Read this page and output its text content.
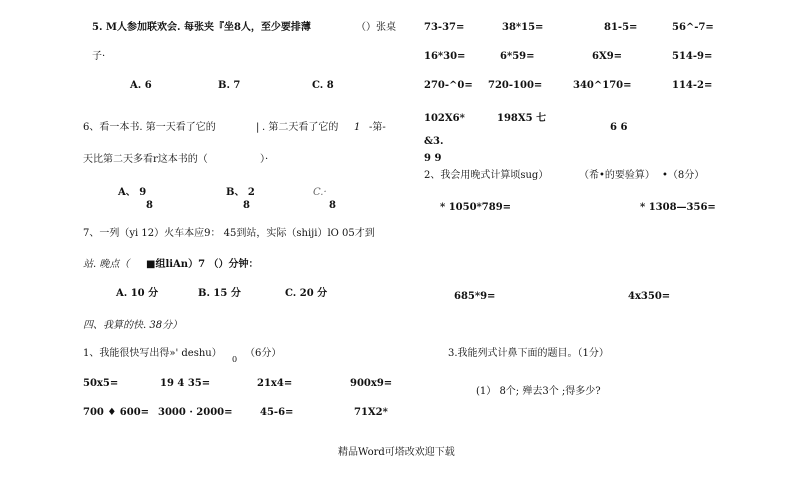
5. M人参加联欢会. 每张夹『坐8人，至少要排薄	（）张桌
子·
A. 6	B. 7	C. 8
6、看一本书. 第一天看了它的	| . 第二天看了它的 1 -第-
天比第二天多看r这本书的（	）·
A、 9
8
B、 2
8
C.·
8
7、一列（yi 12）火车本应9： 45到站，实际（shiji）lO 05才到
站. 晚点（ ■组liAn）7 （）分钟：
A. 10 分	B. 15 分	C. 20 分
四、我算的快. 38分）
1、我能很快写出得»' deshu）
0
（6分）
50x5=	19 4 35=	21x4=	900x9=
700 ♦ 600= 3000 · 2000=	45-6=	71X2*
73-37=	38*15=	81-5=	56^-7=
16*30=	6*59=	6X9=	514-9=
270-^0= 720-100=	340^170=	114-2=
102X6*	198X5 七
6 6
&3.
9 9
2、我会用晚式计算顷sug）	（希•的要验算） •（8分）
* 1050*789=	* 1308—356=
685*9=	4x350=
3.我能列式计鼻下面的题目。（1分）
(1） 8个; 殚去3个 ;得多少?
精品Word可塔改欢迎下载
